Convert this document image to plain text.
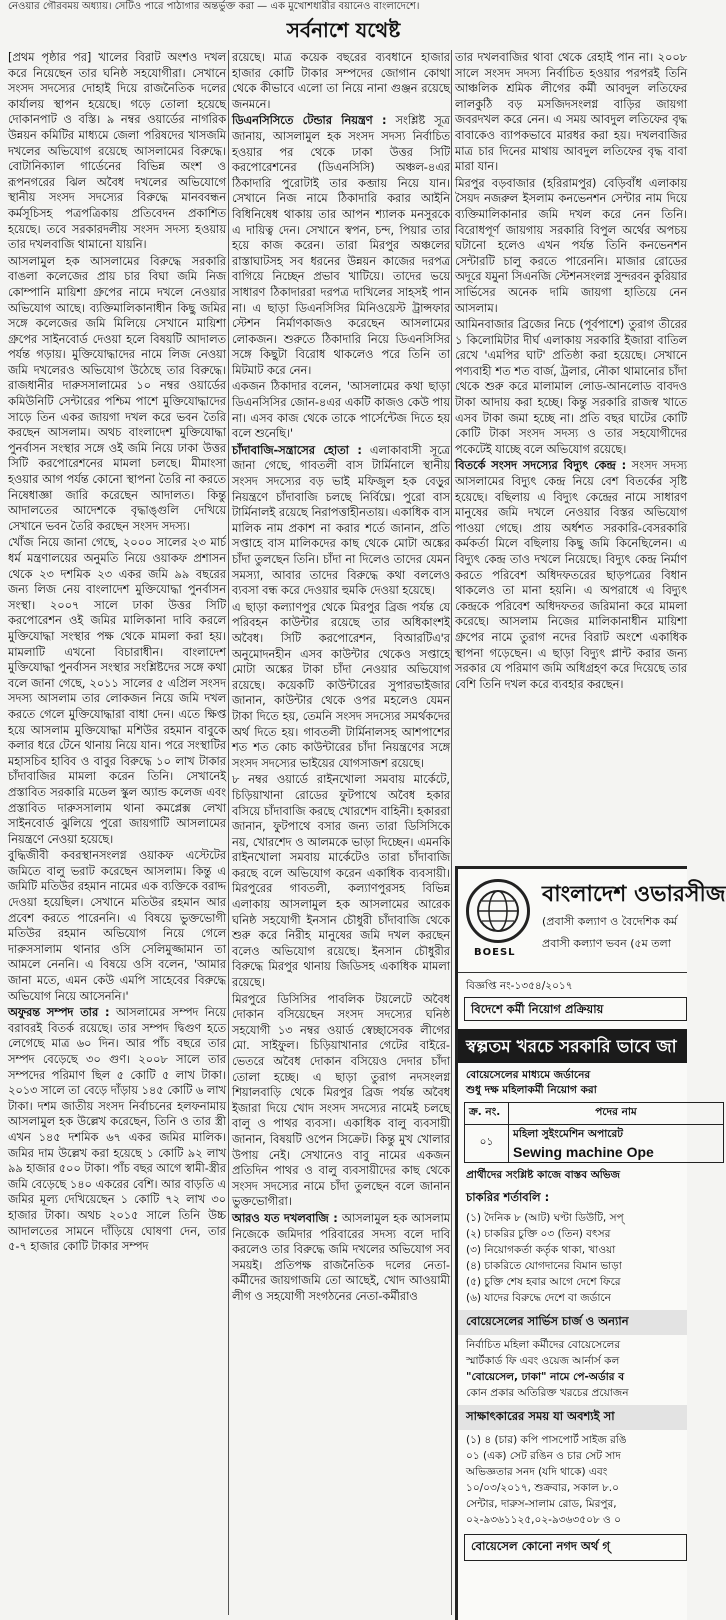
নেওয়ার গৌরবময় অধ্যায়। সেটিও পারে পাঠাগার অন্তর্ভুক্ত করা — এক মুখোশধারীর বয়ানেও বাংলাদেশে।
সর্বনাশে যথেষ্ট

[প্রথম পৃষ্ঠার পর] খালের বিরাট অংশও দখল করে নিয়েছেন তার ঘনিষ্ঠ সহযোগীরা। সেখানে সংসদ সদস্যের দোহাই দিয়ে রাজনৈতিক দলের কার্যালয় স্থাপন হয়েছে। গড়ে তোলা হয়েছে দোকানপাট ও বস্তি। ৯ নম্বর ওয়ার্ডের নাগরিক উন্নয়ন কমিটির মাধ্যমে জেলা পরিষদের খাসজমি দখলের অভিযোগ রয়েছে আসলামের বিরুদ্ধে। বোটানিক্যাল গার্ডেনের বিভিন্ন অংশ ও রূপনগরের ঝিল অবৈধ দখলের অভিযোগে স্থানীয় সংসদ সদস্যের বিরুদ্ধে মানববন্ধন কর্মসূচিসহ পত্রপত্রিকায় প্রতিবেদন প্রকাশিত হয়েছে। তবে সরকারদলীয় সংসদ সদস্য হওয়ায় তার দখলবাজি থামানো যায়নি।

আসলামুল হক আসলামের বিরুদ্ধে সরকারি বাঙলা কলেজের প্রায় চার বিঘা জমি নিজ কোম্পানি মায়িশা গ্রুপের নামে দখলে নেওয়ার অভিযোগ আছে। ব্যক্তিমালিকানাধীন কিছু জমির সঙ্গে কলেজের জমি মিলিয়ে সেখানে মায়িশা গ্রুপের সাইনবোর্ড দেওয়া হলে বিষয়টি আদালত পর্যন্ত গড়ায়। মুক্তিযোদ্ধাদের নামে লিজ নেওয়া জমি দখলেরও অভিযোগ উঠেছে তার বিরুদ্ধে। রাজধানীর দারুসসালামের ১০ নম্বর ওয়ার্ডের কমিউনিটি সেন্টারের পশ্চিম পাশে মুক্তিযোদ্ধাদের সাড়ে তিন একর জায়গা দখল করে ভবন তৈরি করছেন আসলাম। অথচ বাংলাদেশ মুক্তিযোদ্ধা পুনর্বাসন সংস্থার সঙ্গে ওই জমি নিয়ে ঢাকা উত্তর সিটি করপোরেশনের মামলা চলছে। মীমাংসা হওয়ার আগ পর্যন্ত কোনো স্থাপনা তৈরি না করতে নিষেধাজ্ঞা জারি করেছেন আদালত। কিন্তু আদালতের আদেশকে বৃদ্ধাঙ্গুলি দেখিয়ে সেখানে ভবন তৈরি করছেন সংসদ সদস্য।

খোঁজ নিয়ে জানা গেছে, ২০০০ সালের ২৩ মার্চ ধর্ম মন্ত্রণালয়ের অনুমতি নিয়ে ওয়াকফ প্রশাসন থেকে ২৩ দশমিক ২৩ একর জমি ৯৯ বছরের জন্য লিজ নেয় বাংলাদেশ মুক্তিযোদ্ধা পুনর্বাসন সংস্থা। ২০০৭ সালে ঢাকা উত্তর সিটি করপোরেশন ওই জমির মালিকানা দাবি করলে মুক্তিযোদ্ধা সংস্থার পক্ষ থেকে মামলা করা হয়। মামলাটি এখনো বিচারাধীন। বাংলাদেশ মুক্তিযোদ্ধা পুনর্বাসন সংস্থার সংশ্লিষ্টদের সঙ্গে কথা বলে জানা গেছে, ২০১১ সালের ৫ এপ্রিল সংসদ সদস্য আসলাম তার লোকজন নিয়ে জমি দখল করতে গেলে মুক্তিযোদ্ধারা বাধা দেন। এতে ক্ষিপ্ত হয়ে আসলাম মুক্তিযোদ্ধা মশিউর রহমান বাবুকে কলার ধরে টেনে থানায় নিয়ে যান। পরে সংস্থাটির মহাসচিব হাবিব ও বাবুর বিরুদ্ধে ১০ লাখ টাকার চাঁদাবাজির মামলা করেন তিনি। সেখানেই প্রস্তাবিত সরকারি মডেল স্কুল অ্যান্ড কলেজ এবং প্রস্তাবিত দারুসসালাম থানা কমপ্লেক্স লেখা সাইনবোর্ড ঝুলিয়ে পুরো জায়গাটি আসলামের নিয়ন্ত্রণে নেওয়া হয়েছে।

বুদ্ধিজীবী কবরস্থানসংলগ্ন ওয়াকফ এস্টেটের জমিতে বালু ভরাট করেছেন আসলাম। কিন্তু এ জমিটি মতিউর রহমান নামের এক ব্যক্তিকে বরাদ্দ দেওয়া হয়েছিল। সেখানে মতিউর রহমান আর প্রবেশ করতে পারেননি। এ বিষয়ে ভুক্তভোগী মতিউর রহমান অভিযোগ নিয়ে গেলে দারুসসালাম থানার ওসি সেলিমুজ্জামান তা আমলে নেননি। এ বিষয়ে ওসি বলেন, 'আমার জানা মতে, এমন কেউ এমপি সাহেবের বিরুদ্ধে অভিযোগ নিয়ে আসেননি।'

অফুরন্ত সম্পদ তার : আসলামের সম্পদ নিয়ে বরাবরই বিতর্ক রয়েছে। তার সম্পদ দ্বিগুণ হতে লেগেছে মাত্র ৬০ দিন। আর পাঁচ বছরে তার সম্পদ বেড়েছে ৩০ গুণ। ২০০৮ সালে তার সম্পদের পরিমাণ ছিল ৫ কোটি ৫ লাখ টাকা। ২০১৩ সালে তা বেড়ে দাঁড়ায় ১৪৫ কোটি ৬ লাখ টাকা। দশম জাতীয় সংসদ নির্বাচনের হলফনামায় আসলামুল হক উল্লেখ করেছেন, তিনি ও তার স্ত্রী এখন ১৪৫ দশমিক ৬৭ একর জমির মালিক। জমির দাম উল্লেখ করা হয়েছে ১ কোটি ৯২ লাখ ৯৯ হাজার ৫০০ টাকা। পাঁচ বছর আগে স্বামী-স্ত্রীর জমি বেড়েছে ১৪০ একরের বেশি। আর বাড়তি এ জমির মূল্য দেখিয়েছেন ১ কোটি ৭২ লাখ ৩০ হাজার টাকা। অথচ ২০১৫ সালে তিনি উচ্চ আদালতের সামনে দাঁড়িয়ে ঘোষণা দেন, তার ৫-৭ হাজার কোটি টাকার সম্পদ

রয়েছে। মাত্র কয়েক বছরের ব্যবধানে হাজার হাজার কোটি টাকার সম্পদের জোগান কোথা থেকে কীভাবে এলো তা নিয়ে নানা গুঞ্জন রয়েছে জনমনে।

ডিএনসিসিতে টেন্ডার নিয়ন্ত্রণ : সংশ্লিষ্ট সূত্র জানায়, আসলামুল হক সংসদ সদস্য নির্বাচিত হওয়ার পর থেকে ঢাকা উত্তর সিটি করপোরেশনের (ডিএনসিসি) অঞ্চল-৪এর ঠিকাদারি পুরোটাই তার কব্জায় নিয়ে যান। সেখানে নিজ নামে ঠিকাদারি করার আইনি বিধিনিষেধ থাকায় তার আপন শ্যালক মনসুরকে এ দায়িত্ব দেন। সেখানে স্বপন, চন্দ, পিয়ার তার হয়ে কাজ করেন। তারা মিরপুর অঞ্চলের রাস্তাঘাটসহ সব ধরনের উন্নয়ন কাজের দরপত্র বাগিয়ে নিচ্ছেন প্রভাব খাটিয়ে। তাদের ভয়ে সাধারণ ঠিকাদাররা দরপত্র দাখিলের সাহসই পান না। এ ছাড়া ডিএনসিসির মিনিওয়েস্ট ট্রান্সফার স্টেশন নির্মাণকাজও করেছেন আসলামের লোকজন। শুরুতে ঠিকাদারি নিয়ে ডিএনসিসির সঙ্গে কিছুটা বিরোধ থাকলেও পরে তিনি তা মিটমাট করে নেন।

একজন ঠিকাদার বলেন, 'আসলামের কথা ছাড়া ডিএনসিসির জোন-৪এর একটি কাজও কেউ পায় না। এসব কাজ থেকে তাকে পার্সেন্টেজ দিতে হয় বলে শুনেছি।'

চাঁদাবাজি-সন্ত্রাসের হোতা : এলাকাবাসী সূত্রে জানা গেছে, গাবতলী বাস টার্মিনালে স্থানীয় সংসদ সদস্যের বড় ভাই মফিজুল হক বেড়ুর নিয়ন্ত্রণে চাঁদাবাজি চলছে নির্বিঘ্নে। পুরো বাস টার্মিনালই রয়েছে নিরাপত্তাহীনতায়। একাধিক বাস মালিক নাম প্রকাশ না করার শর্তে জানান, প্রতি সপ্তাহে বাস মালিকদের কাছ থেকে মোটা অঙ্কের চাঁদা তুলছেন তিনি। চাঁদা না দিলেও তাদের যেমন সমস্যা, আবার তাদের বিরুদ্ধে কথা বললেও ব্যবসা বন্ধ করে দেওয়ার হুমকি দেওয়া হয়েছে।

এ ছাড়া কল্যাণপুর থেকে মিরপুর ব্রিজ পর্যন্ত যে পরিবহন কাউন্টার রয়েছে তার অধিকাংশই অবৈধ। সিটি করপোরেশন, বিআরটিএ'র অনুমোদনহীন এসব কাউন্টার থেকেও সপ্তাহে মোটা অঙ্কের টাকা চাঁদা নেওয়ার অভিযোগ রয়েছে। কয়েকটি কাউন্টারের সুপারভাইজার জানান, কাউন্টার থেকে ওপর মহলেও যেমন টাকা দিতে হয়, তেমনি সংসদ সদস্যের সমর্থকদের অর্থ দিতে হয়। গাবতলী টার্মিনালসহ আশপাশের শত শত কোচ কাউন্টারের চাঁদা নিয়ন্ত্রণের সঙ্গে সংসদ সদস্যের ভাইয়ের যোগসাজশ রয়েছে।

৮ নম্বর ওয়ার্ডে রাইনখোলা সমবায় মার্কেটে, চিড়িয়াখানা রোডের ফুটপাথে অবৈধ হকার বসিয়ে চাঁদাবাজি করছে খোরশেদ বাহিনী। হকাররা জানান, ফুটপাথে বসার জন্য তারা ডিসিসিকে নয়, খোরশেদ ও আলমকে ভাড়া দিচ্ছেন। এমনকি রাইনখোলা সমবায় মার্কেটেও তারা চাঁদাবাজি করছে বলে অভিযোগ করেন একাধিক ব্যবসায়ী। মিরপুরের গাবতলী, কল্যাণপুরসহ বিভিন্ন এলাকায় আসলামুল হক আসলামের আরেক ঘনিষ্ঠ সহযোগী ইনসান চৌধুরী চাঁদাবাজি থেকে শুরু করে নিরীহ মানুষের জমি দখল করছেন বলেও অভিযোগ রয়েছে। ইনসান চৌধুরীর বিরুদ্ধে মিরপুর থানায় জিডিসহ একাধিক মামলা রয়েছে।

মিরপুরে ডিসিসির পাবলিক টয়লেটে অবৈধ দোকান বসিয়েছেন সংসদ সদস্যের ঘনিষ্ঠ সহযোগী ১৩ নম্বর ওয়ার্ড স্বেচ্ছাসেবক লীগের মো. সাইফুল। চিড়িয়াখানার গেটের বাইরে-ভেতরে অবৈধ দোকান বসিয়েও দেদার চাঁদা তোলা হচ্ছে। এ ছাড়া তুরাগ নদসংলগ্ন শিয়ালবাড়ি থেকে মিরপুর ব্রিজ পর্যন্ত অবৈধ ইজারা দিয়ে খোদ সংসদ সদস্যের নামেই চলছে বালু ও পাথর ব্যবসা। একাধিক বালু ব্যবসায়ী জানান, বিষয়টি ওপেন সিক্রেট। কিন্তু মুখ খোলার উপায় নেই। সেখানেও বাবু নামের একজন প্রতিদিন পাথর ও বালু ব্যবসায়ীদের কাছ থেকে সংসদ সদস্যের নামে চাঁদা তুলছেন বলে জানান ভুক্তভোগীরা।

আরও যত দখলবাজি : আসলামুল হক আসলাম নিজেকে জমিদার পরিবারের সদস্য বলে দাবি করলেও তার বিরুদ্ধে জমি দখলের অভিযোগ সব সময়ই। প্রতিপক্ষ রাজনৈতিক দলের নেতা-কর্মীদের জায়গাজমি তো আছেই, খোদ আওয়ামী লীগ ও সহযোগী সংগঠনের নেতা-কর্মীরাও

তার দখলবাজির থাবা থেকে রেহাই পান না। ২০০৮ সালে সংসদ সদস্য নির্বাচিত হওয়ার পরপরই তিনি আঞ্চলিক শ্রমিক লীগের কর্মী আবদুল লতিফের লালকুঠি বড় মসজিদসংলগ্ন বাড়ির জায়গা জবরদখল করে নেন। এ সময় আবদুল লতিফের বৃদ্ধ বাবাকেও ব্যাপকভাবে মারধর করা হয়। দখলবাজির মাত্র চার দিনের মাথায় আবদুল লতিফের বৃদ্ধ বাবা মারা যান।

মিরপুর বড়বাজার (হরিরামপুর) বেড়িবাঁধ এলাকায় সৈয়দ নজরুল ইসলাম কনভেনশন সেন্টার নাম দিয়ে ব্যক্তিমালিকানার জমি দখল করে নেন তিনি। বিরোধপূর্ণ জায়গায় সরকারি বিপুল অর্থের অপচয় ঘটানো হলেও এখন পর্যন্ত তিনি কনভেনশন সেন্টারটি চালু করতে পারেননি। মাজার রোডের অদূরে যমুনা সিএনজি স্টেশনসংলগ্ন সুন্দরবন কুরিয়ার সার্ভিসের অনেক দামি জায়গা হাতিয়ে নেন আসলাম।

আমিনবাজার ব্রিজের নিচে (পূর্বপাশে) তুরাগ তীরের ১ কিলোমিটার দীর্ঘ এলাকায় সরকারি ইজারা বাতিল রেখে 'এমপির ঘাট' প্রতিষ্ঠা করা হয়েছে। সেখানে পণ্যবাহী শত শত বার্জ, ট্রলার, নৌকা থামানোর চাঁদা থেকে শুরু করে মালামাল লোড-আনলোড বাবদও টাকা আদায় করা হচ্ছে। কিন্তু সরকারি রাজস্ব খাতে এসব টাকা জমা হচ্ছে না। প্রতি বছর ঘাটের কোটি কোটি টাকা সংসদ সদস্য ও তার সহযোগীদের পকেটেই যাচ্ছে বলে অভিযোগ রয়েছে।

বিতর্কে সংসদ সদস্যের বিদ্যুৎ কেন্দ্র : সংসদ সদস্য আসলামের বিদ্যুৎ কেন্দ্র নিয়ে বেশ বিতর্কের সৃষ্টি হয়েছে। বছিলায় এ বিদ্যুৎ কেন্দ্রের নামে সাধারণ মানুষের জমি দখলে নেওয়ার বিস্তর অভিযোগ পাওয়া গেছে। প্রায় অর্ধশত সরকারি-বেসরকারি কর্মকর্তা মিলে বছিলায় কিছু জমি কিনেছিলেন। এ বিদ্যুৎ কেন্দ্র তাও দখলে নিয়েছে। বিদ্যুৎ কেন্দ্র নির্মাণ করতে পরিবেশ অধিদফতরের ছাড়পত্রের বিধান থাকলেও তা মানা হয়নি। এ অপরাধে এ বিদ্যুৎ কেন্দ্রকে পরিবেশ অধিদফতর জরিমানা করে মামলা করেছে। আসলাম নিজের মালিকানাধীন মায়িশা গ্রুপের নামে তুরাগ নদের বিরাট অংশে একাধিক স্থাপনা গড়েছেন। এ ছাড়া বিদ্যুৎ প্লান্ট করার জন্য সরকার যে পরিমাণ জমি অধিগ্রহণ করে দিয়েছে তার বেশি তিনি দখল করে ব্যবহার করছেন।

BOESL
বাংলাদেশ ওভারসীজ
(প্রবাসী কল্যাণ ও বৈদেশিক কর্ম
প্রবাসী কল্যাণ ভবন (৫ম তলা
বিজ্ঞপ্তি নং-১৩৫৪/২০১৭
বিদেশে কর্মী নিয়োগ প্রক্রিয়ায়
স্বল্পতম খরচে সরকারি ভাবে জা
বোয়েসেলের মাধ্যমে জর্ডানের
শুধু দক্ষ মহিলাকর্মী নিয়োগ করা
ক্র. নং.	পদের নাম
০১	মহিলা সুইংমেশিন অপারেট
Sewing machine Ope
প্রার্থীদের সংশ্লিষ্ট কাজে বাস্তব অভিজ
চাকরির শর্তাবলি :
(১) দৈনিক ৮ (আট) ঘণ্টা ডিউটি, সপ্
(২) চাকরির চুক্তি ০৩ (তিন) বৎসর
(৩) নিয়োগকর্তা কর্তৃক থাকা, খাওয়া
(৪) চাকরিতে যোগদানের বিমান ভাড়া
(৫) চুক্তি শেষ হবার আগে দেশে ফিরে
(৬) যাদের বিরুদ্ধে দেশে বা জর্ডানে
বোয়েসেলের সার্ভিস চার্জ ও অন্যান
নির্বাচিত মহিলা কর্মীদের বোয়েসেলের
স্মার্টকার্ড ফি এবং ওয়েজ আর্নার্স কল
"বোয়েসেল, ঢাকা" নামে পে-অর্ডার ব
কোন প্রকার অতিরিক্ত খরচের প্রয়োজন
সাক্ষাৎকারের সময় যা অবশ্যই সা
(১) ৪ (চার) কপি পাসপোর্ট সাইজ রঙি
০১ (এক) সেট রঙিন ও চার সেট সাদ
অভিজ্ঞতার সনদ (যদি থাকে) এবং
১০/০৩/২০১৭, শুক্রবার, সকাল ৮.০
সেন্টার, দারুস-সালাম রোড, মিরপুর,
০২-৯৩৬১১২৫,০২-৯৩৬৩৫০৮ ও ০
বোয়েসেল কোনো নগদ অর্থ গ্
